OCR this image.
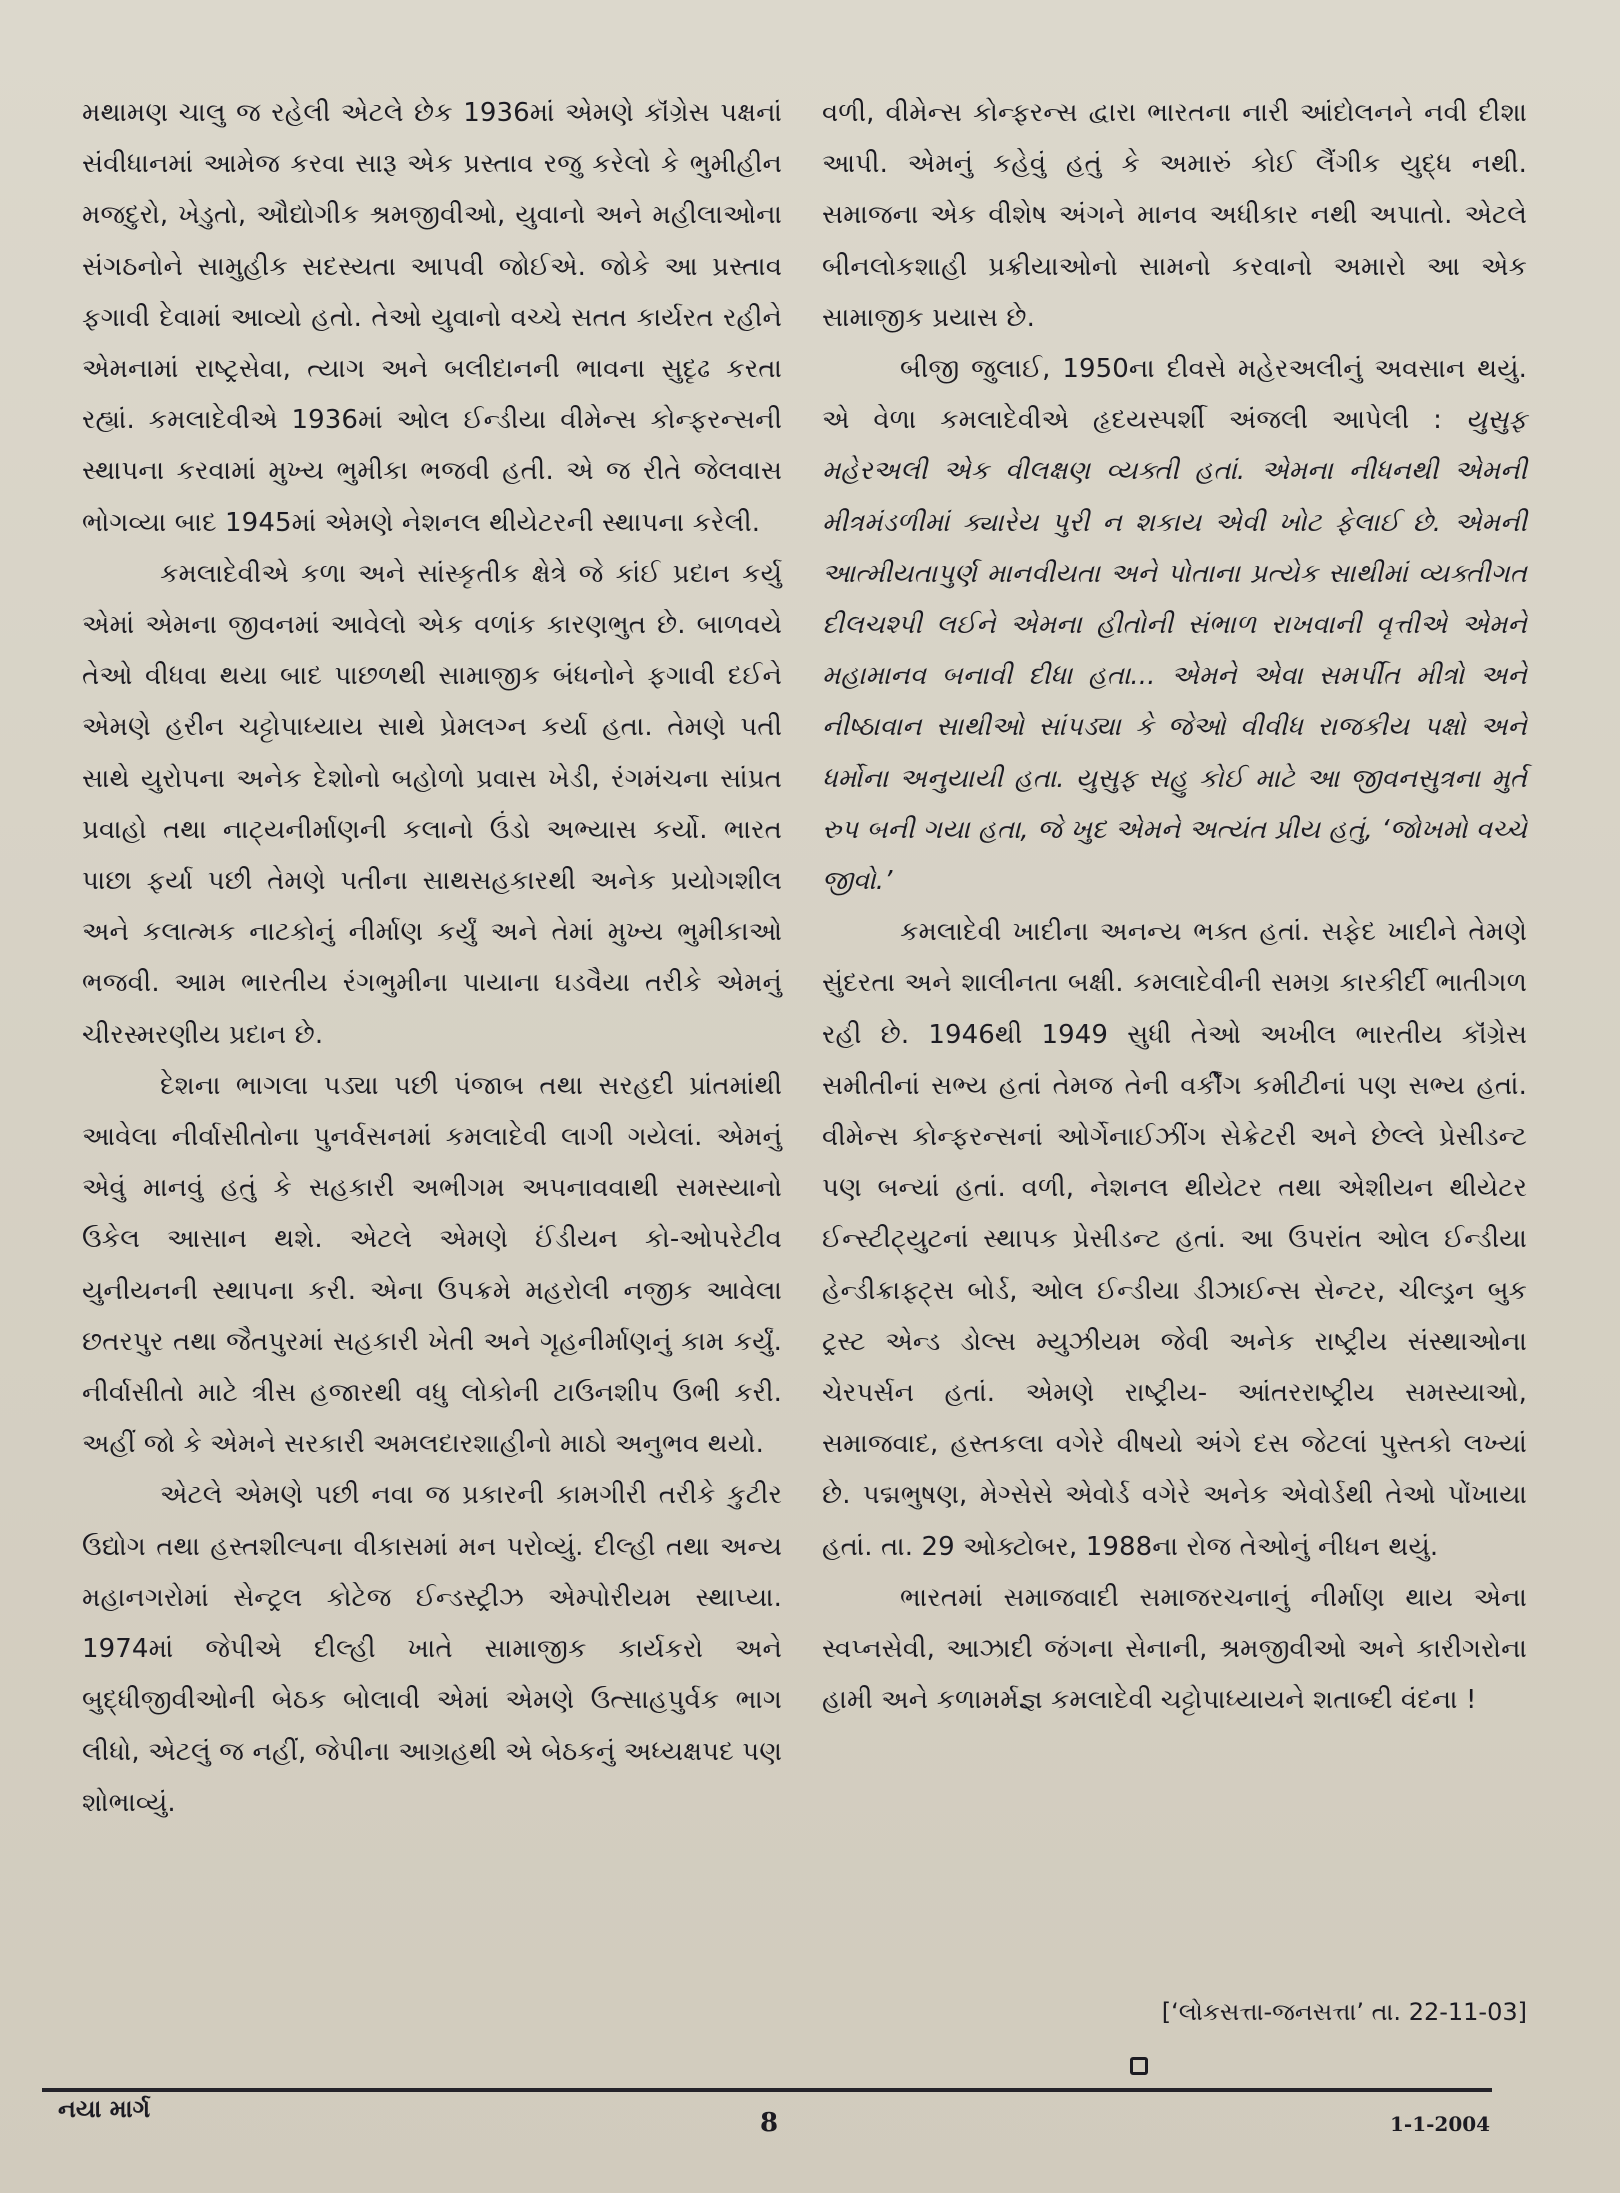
મથામણ ચાલુ જ રહેલી એટલે છેક 1936માં એમણે કૉંગ્રેસ પક્ષનાં સંવીધાનમાં આમેજ કરવા સારૂ એક પ્રસ્તાવ રજુ કરેલો કે ભુમીહીન મજદુરો, ખેડુતો, ઔદ્યોગીક શ્રમજીવીઓ, યુવાનો અને મહીલાઓના સંગઠનોને સામુહીક સદસ્યતા આપવી જોઈએ. જોકે આ પ્રસ્તાવ ફગાવી દેવામાં આવ્યો હતો. તેઓ યુવાનો વચ્ચે સતત કાર્યરત રહીને એમનામાં રાષ્ટ્રસેવા, ત્યાગ અને બલીદાનની ભાવના સુદૃઢ કરતા રહ્યાં. કમલાદેવીએ 1936માં ઓલ ઈન્ડીયા વીમેન્સ કોન્ફરન્સની સ્થાપના કરવામાં મુખ્ય ભુમીકા ભજવી હતી. એ જ રીતે જેલવાસ ભોગવ્યા બાદ 1945માં એમણે નેશનલ થીયેટરની સ્થાપના કરેલી.

કમલાદેવીએ કળા અને સાંસ્કૃતીક ક્ષેત્રે જે કાંઈ પ્રદાન કર્યુ એમાં એમના જીવનમાં આવેલો એક વળાંક કારણભુત છે. બાળવયે તેઓ વીધવા થયા બાદ પાછળથી સામાજીક બંધનોને ફગાવી દઈને એમણે હરીન ચટ્ટોપાધ્યાય સાથે પ્રેમલગ્ન કર્યા હતા. તેમણે પતી સાથે યુરોપના અનેક દેશોનો બહોળો પ્રવાસ ખેડી, રંગમંચના સાંપ્રત પ્રવાહો તથા નાટ્યનીર્માણની કલાનો ઉંડો અભ્યાસ કર્યો. ભારત પાછા ફર્યા પછી તેમણે પતીના સાથસહકારથી અનેક પ્રયોગશીલ અને કલાત્મક નાટકોનું નીર્માણ કર્યું અને તેમાં મુખ્ય ભુમીકાઓ ભજવી. આમ ભારતીય રંગભુમીના પાયાના ઘડવૈયા તરીકે એમનું ચીરસ્મરણીય પ્રદાન છે.

દેશના ભાગલા પડ્યા પછી પંજાબ તથા સરહદી પ્રાંતમાંથી આવેલા નીર્વાસીતોના પુનર્વસનમાં કમલાદેવી લાગી ગયેલાં. એમનું એવું માનવું હતું કે સહકારી અભીગમ અપનાવવાથી સમસ્યાનો ઉકેલ આસાન થશે. એટલે એમણે ઈંડીયન કો-ઓપરેટીવ યુનીયનની સ્થાપના કરી. એના ઉપક્રમે મહરોલી નજીક આવેલા છતરપુર તથા જૈતપુરમાં સહકારી ખેતી અને ગૃહનીર્માણનું કામ કર્યું. નીર્વાસીતો માટે ત્રીસ હજારથી વધુ લોકોની ટાઉનશીપ ઉભી કરી. અહીં જો કે એમને સરકારી અમલદારશાહીનો માઠો અનુભવ થયો.

એટલે એમણે પછી નવા જ પ્રકારની કામગીરી તરીકે કુટીર ઉદ્યોગ તથા હસ્તશીલ્પના વીકાસમાં મન પરોવ્યું. દીલ્હી તથા અન્ય મહાનગરોમાં સેન્ટ્રલ કોટેજ ઈન્ડસ્ટ્રીઝ એમ્પોરીયમ સ્થાપ્યા. 1974માં જેપીએ દીલ્હી ખાતે સામાજીક કાર્યકરો અને બુદ્ધીજીવીઓની બેઠક બોલાવી એમાં એમણે ઉત્સાહપુર્વક ભાગ લીધો, એટલું જ નહીં, જેપીના આગ્રહથી એ બેઠકનું અધ્યક્ષપદ પણ શોભાવ્યું.

વળી, વીમેન્સ કોન્ફરન્સ દ્વારા ભારતના નારી આંદોલનને નવી દીશા આપી. એમનું કહેવું હતું કે અમારું કોઈ લૈંગીક યુદ્ધ નથી. સમાજના એક વીશેષ અંગને માનવ અધીકાર નથી અપાતો. એટલે બીનલોકશાહી પ્રક્રીયાઓનો સામનો કરવાનો અમારો આ એક સામાજીક પ્રયાસ છે.

બીજી જુલાઈ, 1950ના દીવસે મહેરઅલીનું અવસાન થયું. એ વેળા કમલાદેવીએ હૃદયસ્પર્શી અંજલી આપેલી : યુસુફ મહેરઅલી એક વીલક્ષણ વ્યક્તી હતાં. એમના નીધનથી એમની મીત્રમંડળીમાં ક્યારેય પુરી ન શકાય એવી ખોટ ફેલાઈ છે. એમની આત્મીયતાપુર્ણ માનવીયતા અને પોતાના પ્રત્યેક સાથીમાં વ્યક્તીગત દીલચશ્પી લઈને એમના હીતોની સંભાળ રાખવાની વૃત્તીએ એમને મહામાનવ બનાવી દીધા હતા... એમને એવા સમર્પીત મીત્રો અને નીષ્ઠાવાન સાથીઓ સાંપડ્યા કે જેઓ વીવીધ રાજકીય પક્ષો અને ધર્મોના અનુયાયી હતા. યુસુફ સહુ કોઈ માટે આ જીવનસુત્રના મુર્ત રુપ બની ગયા હતા, જે ખુદ એમને અત્યંત પ્રીય હતું, ‘જોખમો વચ્ચે જીવો.’

કમલાદેવી ખાદીના અનન્ય ભક્ત હતાં. સફેદ ખાદીને તેમણે સુંદરતા અને શાલીનતા બક્ષી. કમલાદેવીની સમગ્ર કારકીર્દી ભાતીગળ રહી છે. 1946થી 1949 સુધી તેઓ અખીલ ભારતીય કૉંગ્રેસ સમીતીનાં સભ્ય હતાં તેમજ તેની વર્કીંગ કમીટીનાં પણ સભ્ય હતાં. વીમેન્સ કોન્ફરન્સનાં ઓર્ગેનાઈઝીંગ સેક્રેટરી અને છેલ્લે પ્રેસીડન્ટ પણ બન્યાં હતાં. વળી, નેશનલ થીયેટર તથા એશીયન થીયેટર ઈન્સ્ટીટ્યુટનાં સ્થાપક પ્રેસીડન્ટ હતાં. આ ઉપરાંત ઓલ ઈન્ડીયા હેન્ડીક્રાફ્ટ્સ બોર્ડ, ઓલ ઈન્ડીયા ડીઝાઈન્સ સેન્ટર, ચીલ્ડ્રન બુક ટ્રસ્ટ એન્ડ ડોલ્સ મ્યુઝીયમ જેવી અનેક રાષ્ટ્રીય સંસ્થાઓના ચેરપર્સન હતાં. એમણે રાષ્ટ્રીય- આંતરરાષ્ટ્રીય સમસ્યાઓ, સમાજવાદ, હસ્તકલા વગેરે વીષયો અંગે દસ જેટલાં પુસ્તકો લખ્યાં છે. પદ્મભુષણ, મેગ્સેસે એવોર્ડ વગેરે અનેક એવોર્ડથી તેઓ પોંખાયા હતાં. તા. 29 ઓક્ટોબર, 1988ના રોજ તેઓનું નીધન થયું.

ભારતમાં સમાજવાદી સમાજરચનાનું નીર્માણ થાય એના સ્વપ્નસેવી, આઝાદી જંગના સેનાની, શ્રમજીવીઓ અને કારીગરોના હામી અને કળામર્મજ્ઞ કમલાદેવી ચટ્ટોપાધ્યાયને શતાબ્દી વંદના !

[‘લોકસત્તા-જનસત્તા’ તા. 22-11-03]
નયા માર્ગ	8	1-1-2004
